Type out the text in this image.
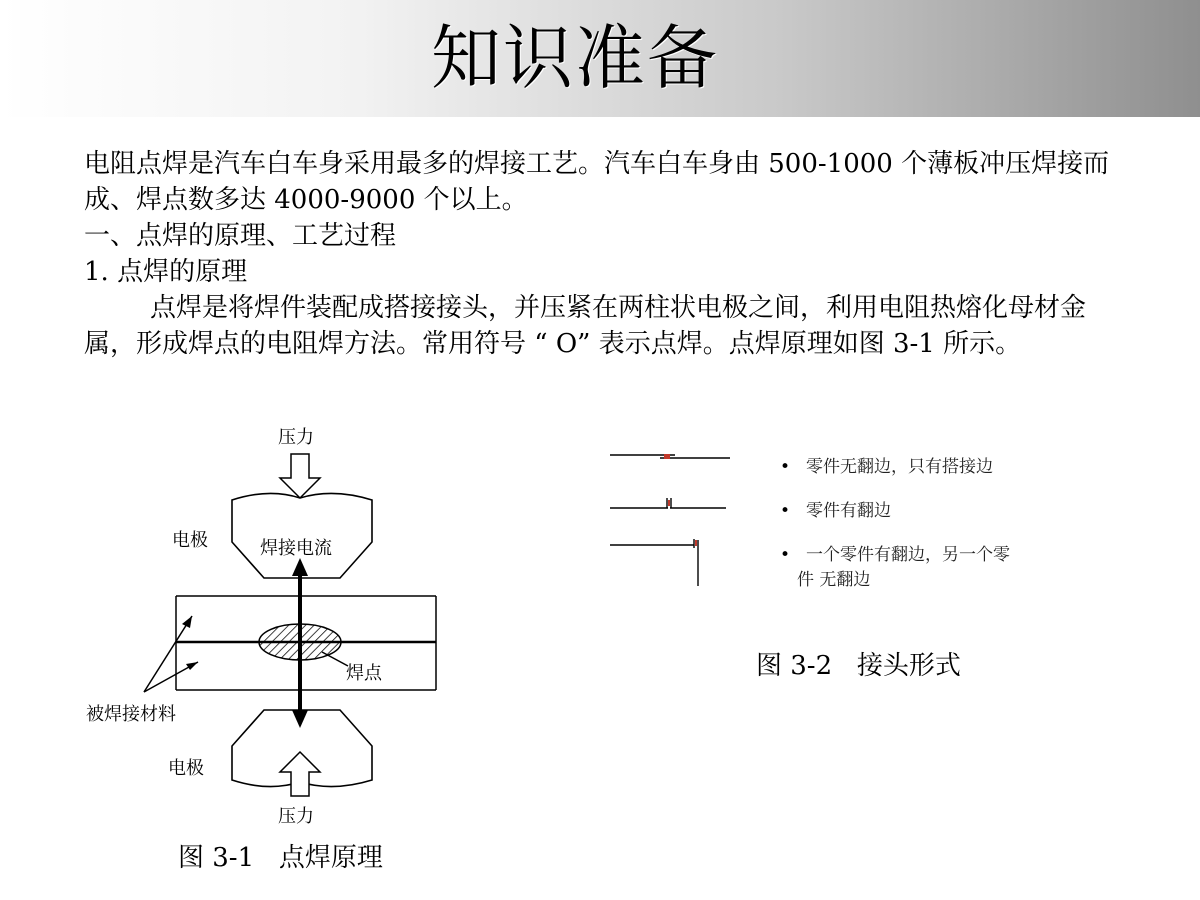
知识准备

电阻点焊是汽车白车身采用最多的焊接工艺。汽车白车身由 500-1000 个薄板冲压焊接而成、焊点数多达 4000-9000 个以上。

一、点焊的原理、工艺过程

1. 点焊的原理

点焊是将焊件装配成搭接接头，并压紧在两柱状电极之间，利用电阻热熔化母材金属，形成焊点的电阻焊方法。常用符号 “ O” 表示点焊。点焊原理如图 3-1 所示。

压力
电极	焊接电流
焊点
被焊接材料
电极
压力
图 3-1   点焊原理
• 零件无翻边，只有搭接边
• 零件有翻边
• 一个零件有翻边，另一个零
件 无翻边
图 3-2   接头形式
